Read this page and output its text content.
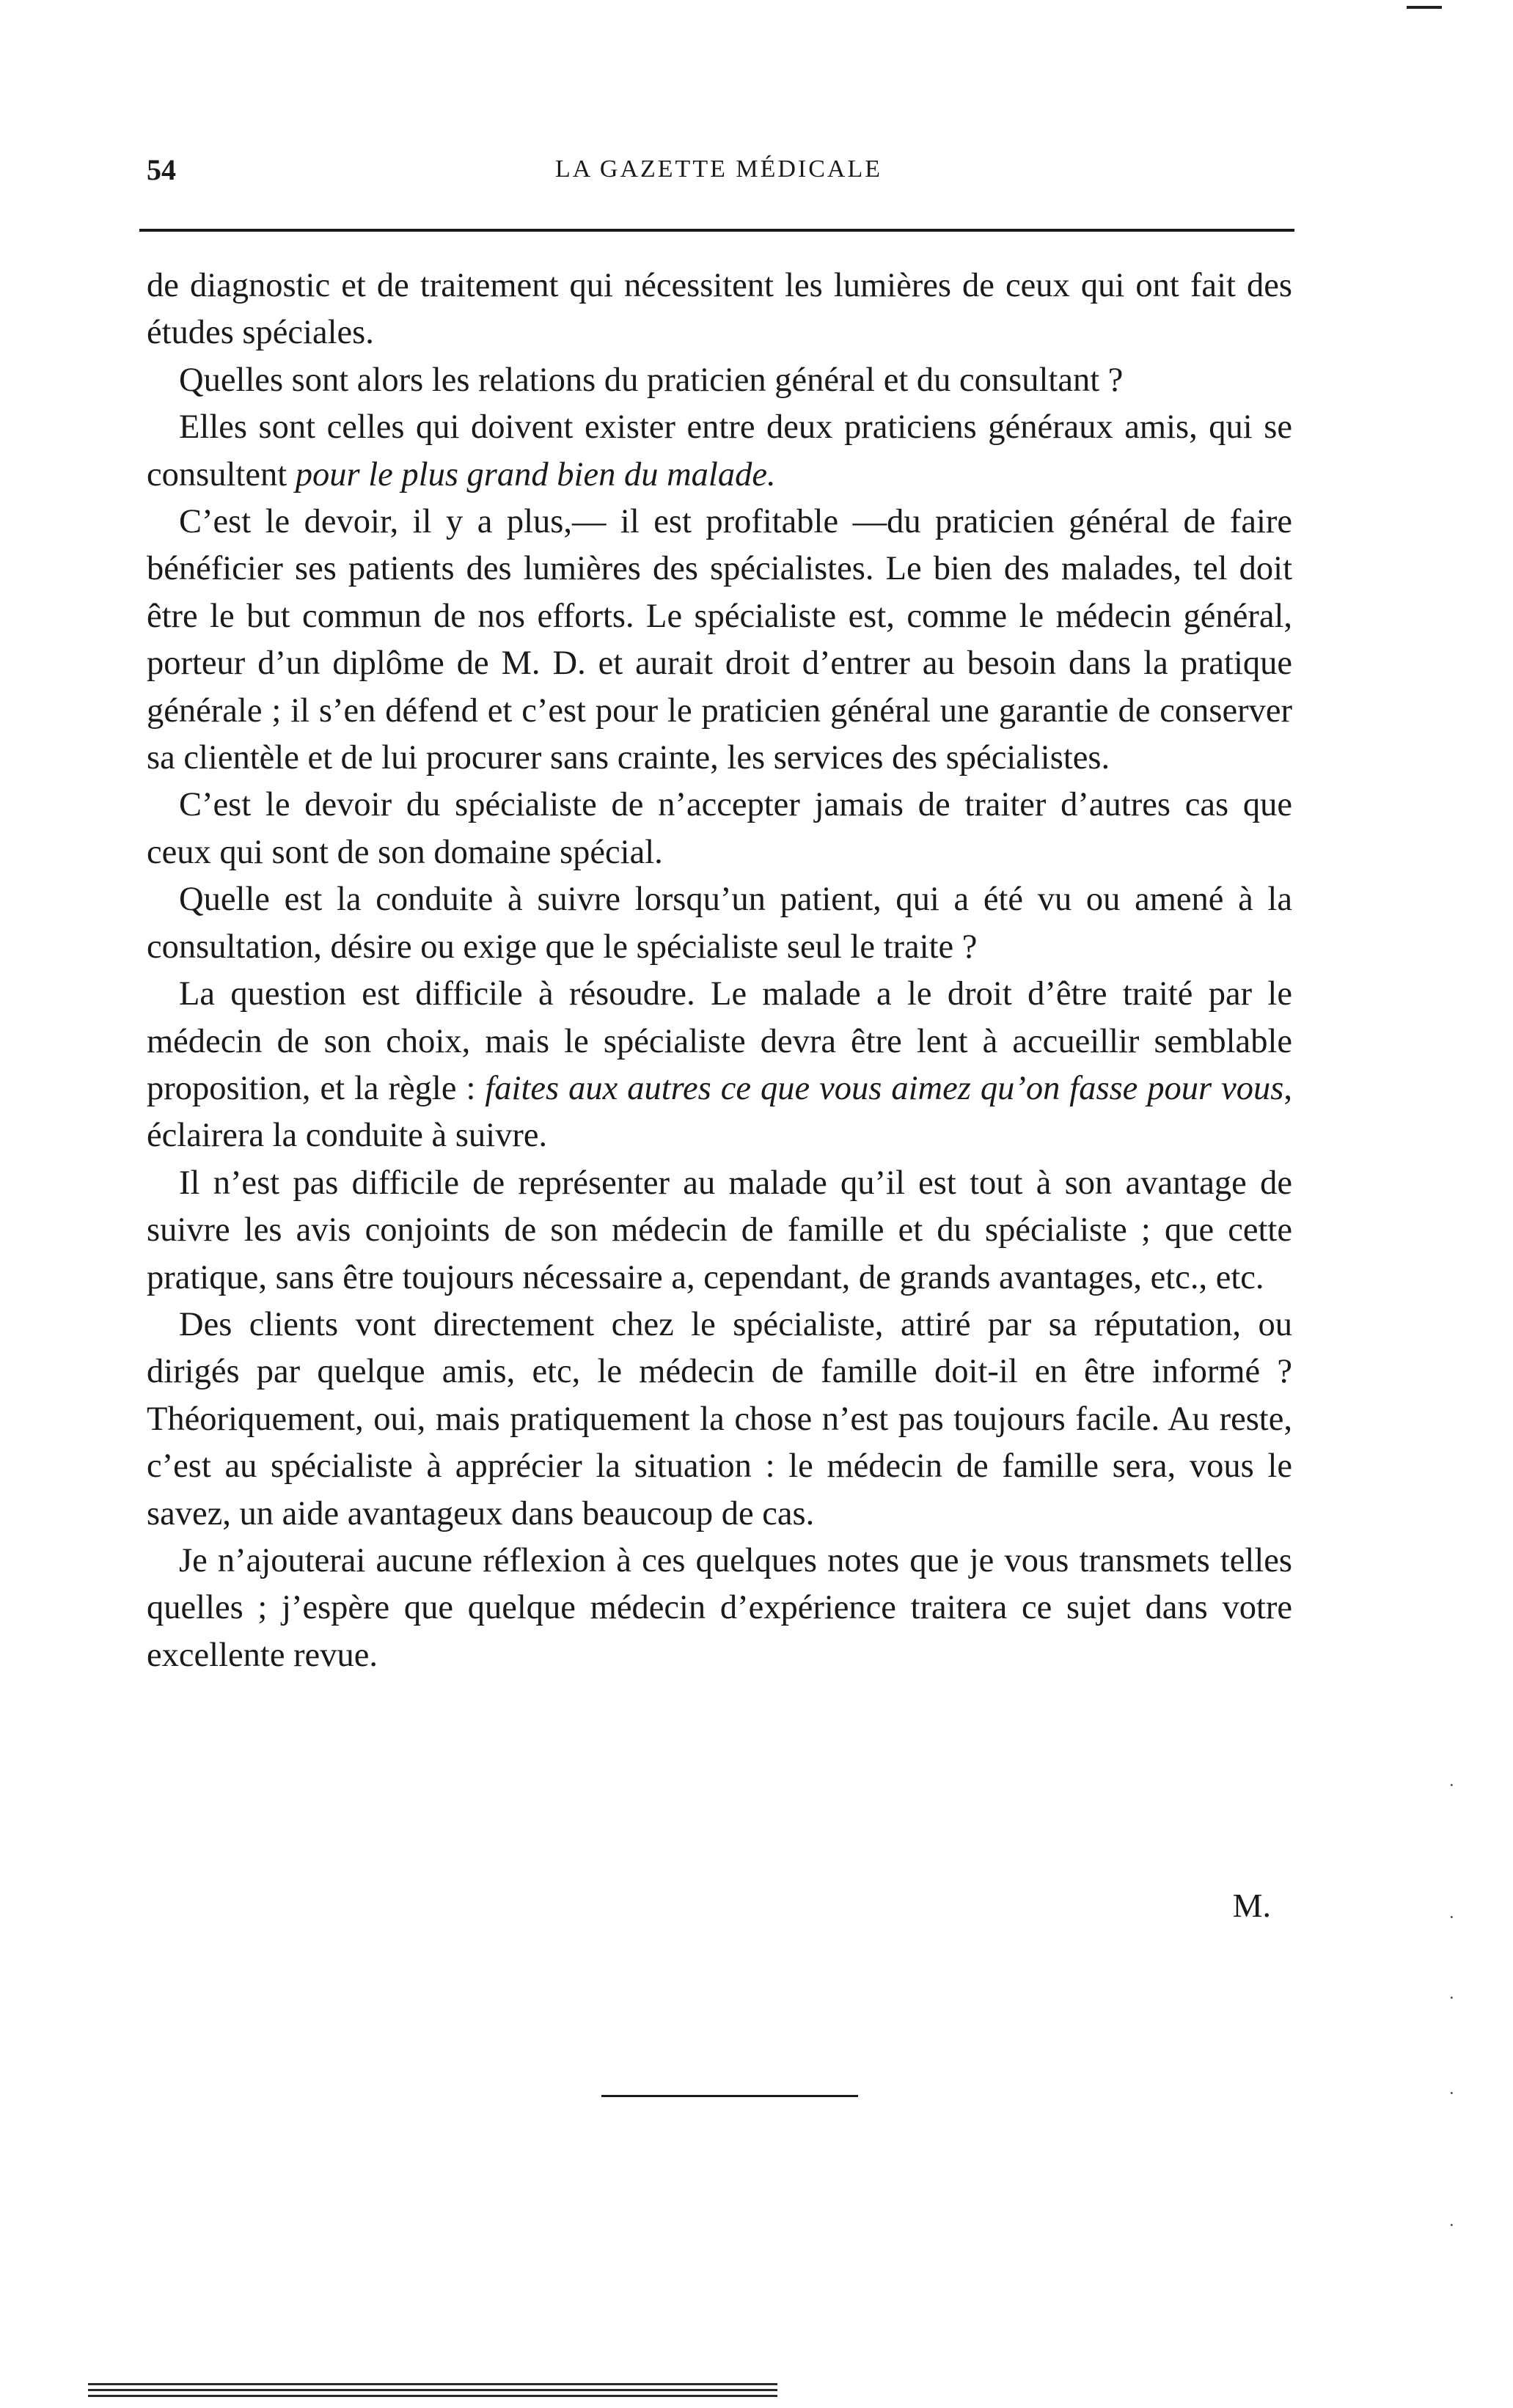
54	LA GAZETTE MÉDICALE

de diagnostic et de traitement qui nécessitent les lumières de ceux qui ont fait des études spéciales.

Quelles sont alors les relations du praticien général et du consultant ?

Elles sont celles qui doivent exister entre deux praticiens généraux amis, qui se consultent pour le plus grand bien du malade.

C’est le devoir, il y a plus,— il est profitable —du praticien général de faire bénéficier ses patients des lumières des spécialistes. Le bien des malades, tel doit être le but commun de nos efforts. Le spécialiste est, comme le médecin général, porteur d’un diplôme de M. D. et aurait droit d’entrer au besoin dans la pratique générale ; il s’en défend et c’est pour le praticien général une garantie de conserver sa clientèle et de lui procurer sans crainte, les services des spécialistes.

C’est le devoir du spécialiste de n’accepter jamais de traiter d’autres cas que ceux qui sont de son domaine spécial.

Quelle est la conduite à suivre lorsqu’un patient, qui a été vu ou amené à la consultation, désire ou exige que le spécialiste seul le traite ?

La question est difficile à résoudre. Le malade a le droit d’être traité par le médecin de son choix, mais le spécialiste devra être lent à accueillir semblable proposition, et la règle : faites aux autres ce que vous aimez qu’on fasse pour vous, éclairera la conduite à suivre.

Il n’est pas difficile de représenter au malade qu’il est tout à son avantage de suivre les avis conjoints de son médecin de famille et du spécialiste ; que cette pratique, sans être toujours nécessaire a, cependant, de grands avantages, etc., etc.

Des clients vont directement chez le spécialiste, attiré par sa réputation, ou dirigés par quelque amis, etc, le médecin de famille doit-il en être informé ? Théoriquement, oui, mais pratiquement la chose n’est pas toujours facile. Au reste, c’est au spécialiste à apprécier la situation : le médecin de famille sera, vous le savez, un aide avantageux dans beaucoup de cas.

Je n’ajouterai aucune réflexion à ces quelques notes que je vous transmets telles quelles ; j’espère que quelque médecin d’expérience traitera ce sujet dans votre excellente revue.

M.
·
·
·
·
·
